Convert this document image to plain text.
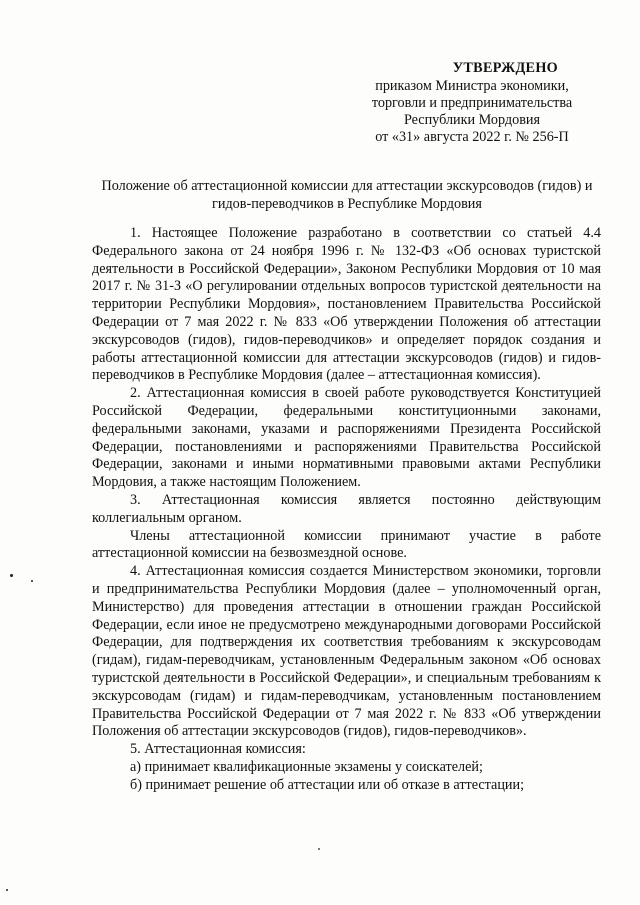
УТВЕРЖДЕНО
приказом Министра экономики,
торговли и предпринимательства
Республики Мордовия
от «31» августа 2022 г. № 256-П
Положение об аттестационной комиссии для аттестации экскурсоводов (гидов) и гидов-переводчиков в Республике Мордовия

1. Настоящее Положение разработано в соответствии со статьей 4.4 Федерального закона от 24 ноября 1996 г. № 132-ФЗ «Об основах туристской деятельности в Российской Федерации», Законом Республики Мордовия от 10 мая 2017 г. № 31-З «О регулировании отдельных вопросов туристской деятельности на территории Республики Мордовия», постановлением Правительства Российской Федерации от 7 мая 2022 г. № 833 «Об утверждении Положения об аттестации экскурсоводов (гидов), гидов-переводчиков» и определяет порядок создания и работы аттестационной комиссии для аттестации экскурсоводов (гидов) и гидов-переводчиков в Республике Мордовия (далее – аттестационная комиссия).

2. Аттестационная комиссия в своей работе руководствуется Конституцией Российской Федерации, федеральными конституционными законами, федеральными законами, указами и распоряжениями Президента Российской Федерации, постановлениями и распоряжениями Правительства Российской Федерации, законами и иными нормативными правовыми актами Республики Мордовия, а также настоящим Положением.

3. Аттестационная комиссия является постоянно действующим коллегиальным органом.

Члены аттестационной комиссии принимают участие в работе аттестационной комиссии на безвозмездной основе.

4. Аттестационная комиссия создается Министерством экономики, торговли и предпринимательства Республики Мордовия (далее – уполномоченный орган, Министерство) для проведения аттестации в отношении граждан Российской Федерации, если иное не предусмотрено международными договорами Российской Федерации, для подтверждения их соответствия требованиям к экскурсоводам (гидам), гидам-переводчикам, установленным Федеральным законом «Об основах туристской деятельности в Российской Федерации», и специальным требованиям к экскурсоводам (гидам) и гидам-переводчикам, установленным постановлением Правительства Российской Федерации от 7 мая 2022 г. № 833 «Об утверждении Положения об аттестации экскурсоводов (гидов), гидов-переводчиков».

5. Аттестационная комиссия:

а) принимает квалификационные экзамены у соискателей;

б) принимает решение об аттестации или об отказе в аттестации;
